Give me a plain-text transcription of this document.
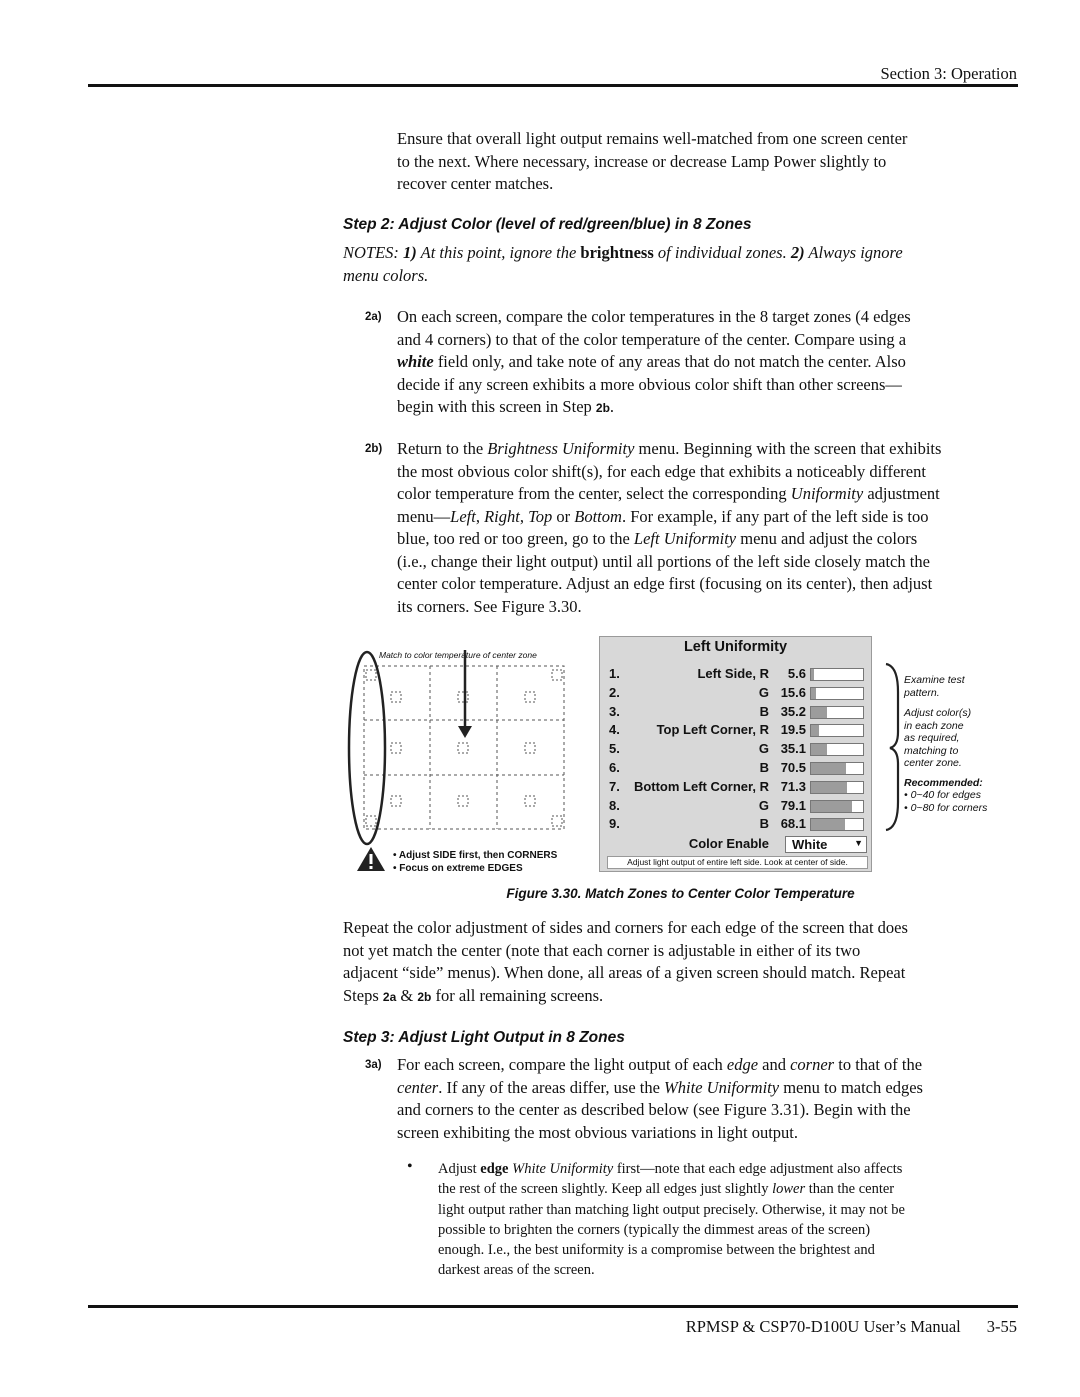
Section 3: Operation
Ensure that overall light output remains well-matched from one screen center
to the next. Where necessary, increase or decrease Lamp Power slightly to
recover center matches.
Step 2: Adjust Color (level of red/green/blue) in 8 Zones
NOTES: 1) At this point, ignore the brightness of individual zones. 2) Always ignore
menu colors.
2a) On each screen, compare the color temperatures in the 8 target zones (4 edges
and 4 corners) to that of the color temperature of the center. Compare using a
white field only, and take note of any areas that do not match the center. Also
decide if any screen exhibits a more obvious color shift than other screens—
begin with this screen in Step 2b.
2b) Return to the Brightness Uniformity menu. Beginning with the screen that exhibits
the most obvious color shift(s), for each edge that exhibits a noticeably different
color temperature from the center, select the corresponding Uniformity adjustment
menu—Left, Right, Top or Bottom. For example, if any part of the left side is too
blue, too red or too green, go to the Left Uniformity menu and adjust the colors
(i.e., change their light output) until all portions of the left side closely match the
center color temperature. Adjust an edge first (focusing on its center), then adjust
its corners. See Figure 3.30.
Match to color temperature of center zone
• Adjust SIDE first, then CORNERS
• Focus on extreme EDGES
Left Uniformity
1.	Left Side, R	5.6
2.	G 15.6
3.	B 35.2
4.	Top Left Corner, R 19.5
5.	G 35.1
6.	B 70.5
7. Bottom Left Corner, R 71.3
8.	G 79.1
9.	B 68.1
Color Enable White	▼
Adjust light output of entire left side. Look at center of side.
Examine test
pattern.
Adjust color(s)
in each zone
as required,
matching to
center zone.
Recommended:
• 0~40 for edges
• 0~80 for corners
Figure 3.30. Match Zones to Center Color Temperature
Repeat the color adjustment of sides and corners for each edge of the screen that does
not yet match the center (note that each corner is adjustable in either of its two
adjacent “side” menus). When done, all areas of a given screen should match. Repeat
Steps 2a & 2b for all remaining screens.
Step 3: Adjust Light Output in 8 Zones
3a) For each screen, compare the light output of each edge and corner to that of the
center. If any of the areas differ, use the White Uniformity menu to match edges
and corners to the center as described below (see Figure 3.31). Begin with the
screen exhibiting the most obvious variations in light output.
• Adjust edge White Uniformity first—note that each edge adjustment also affects
the rest of the screen slightly. Keep all edges just slightly lower than the center
light output rather than matching light output precisely. Otherwise, it may not be
possible to brighten the corners (typically the dimmest areas of the screen)
enough. I.e., the best uniformity is a compromise between the brightest and
darkest areas of the screen.
RPMSP & CSP70-D100U User’s Manual 3-55
